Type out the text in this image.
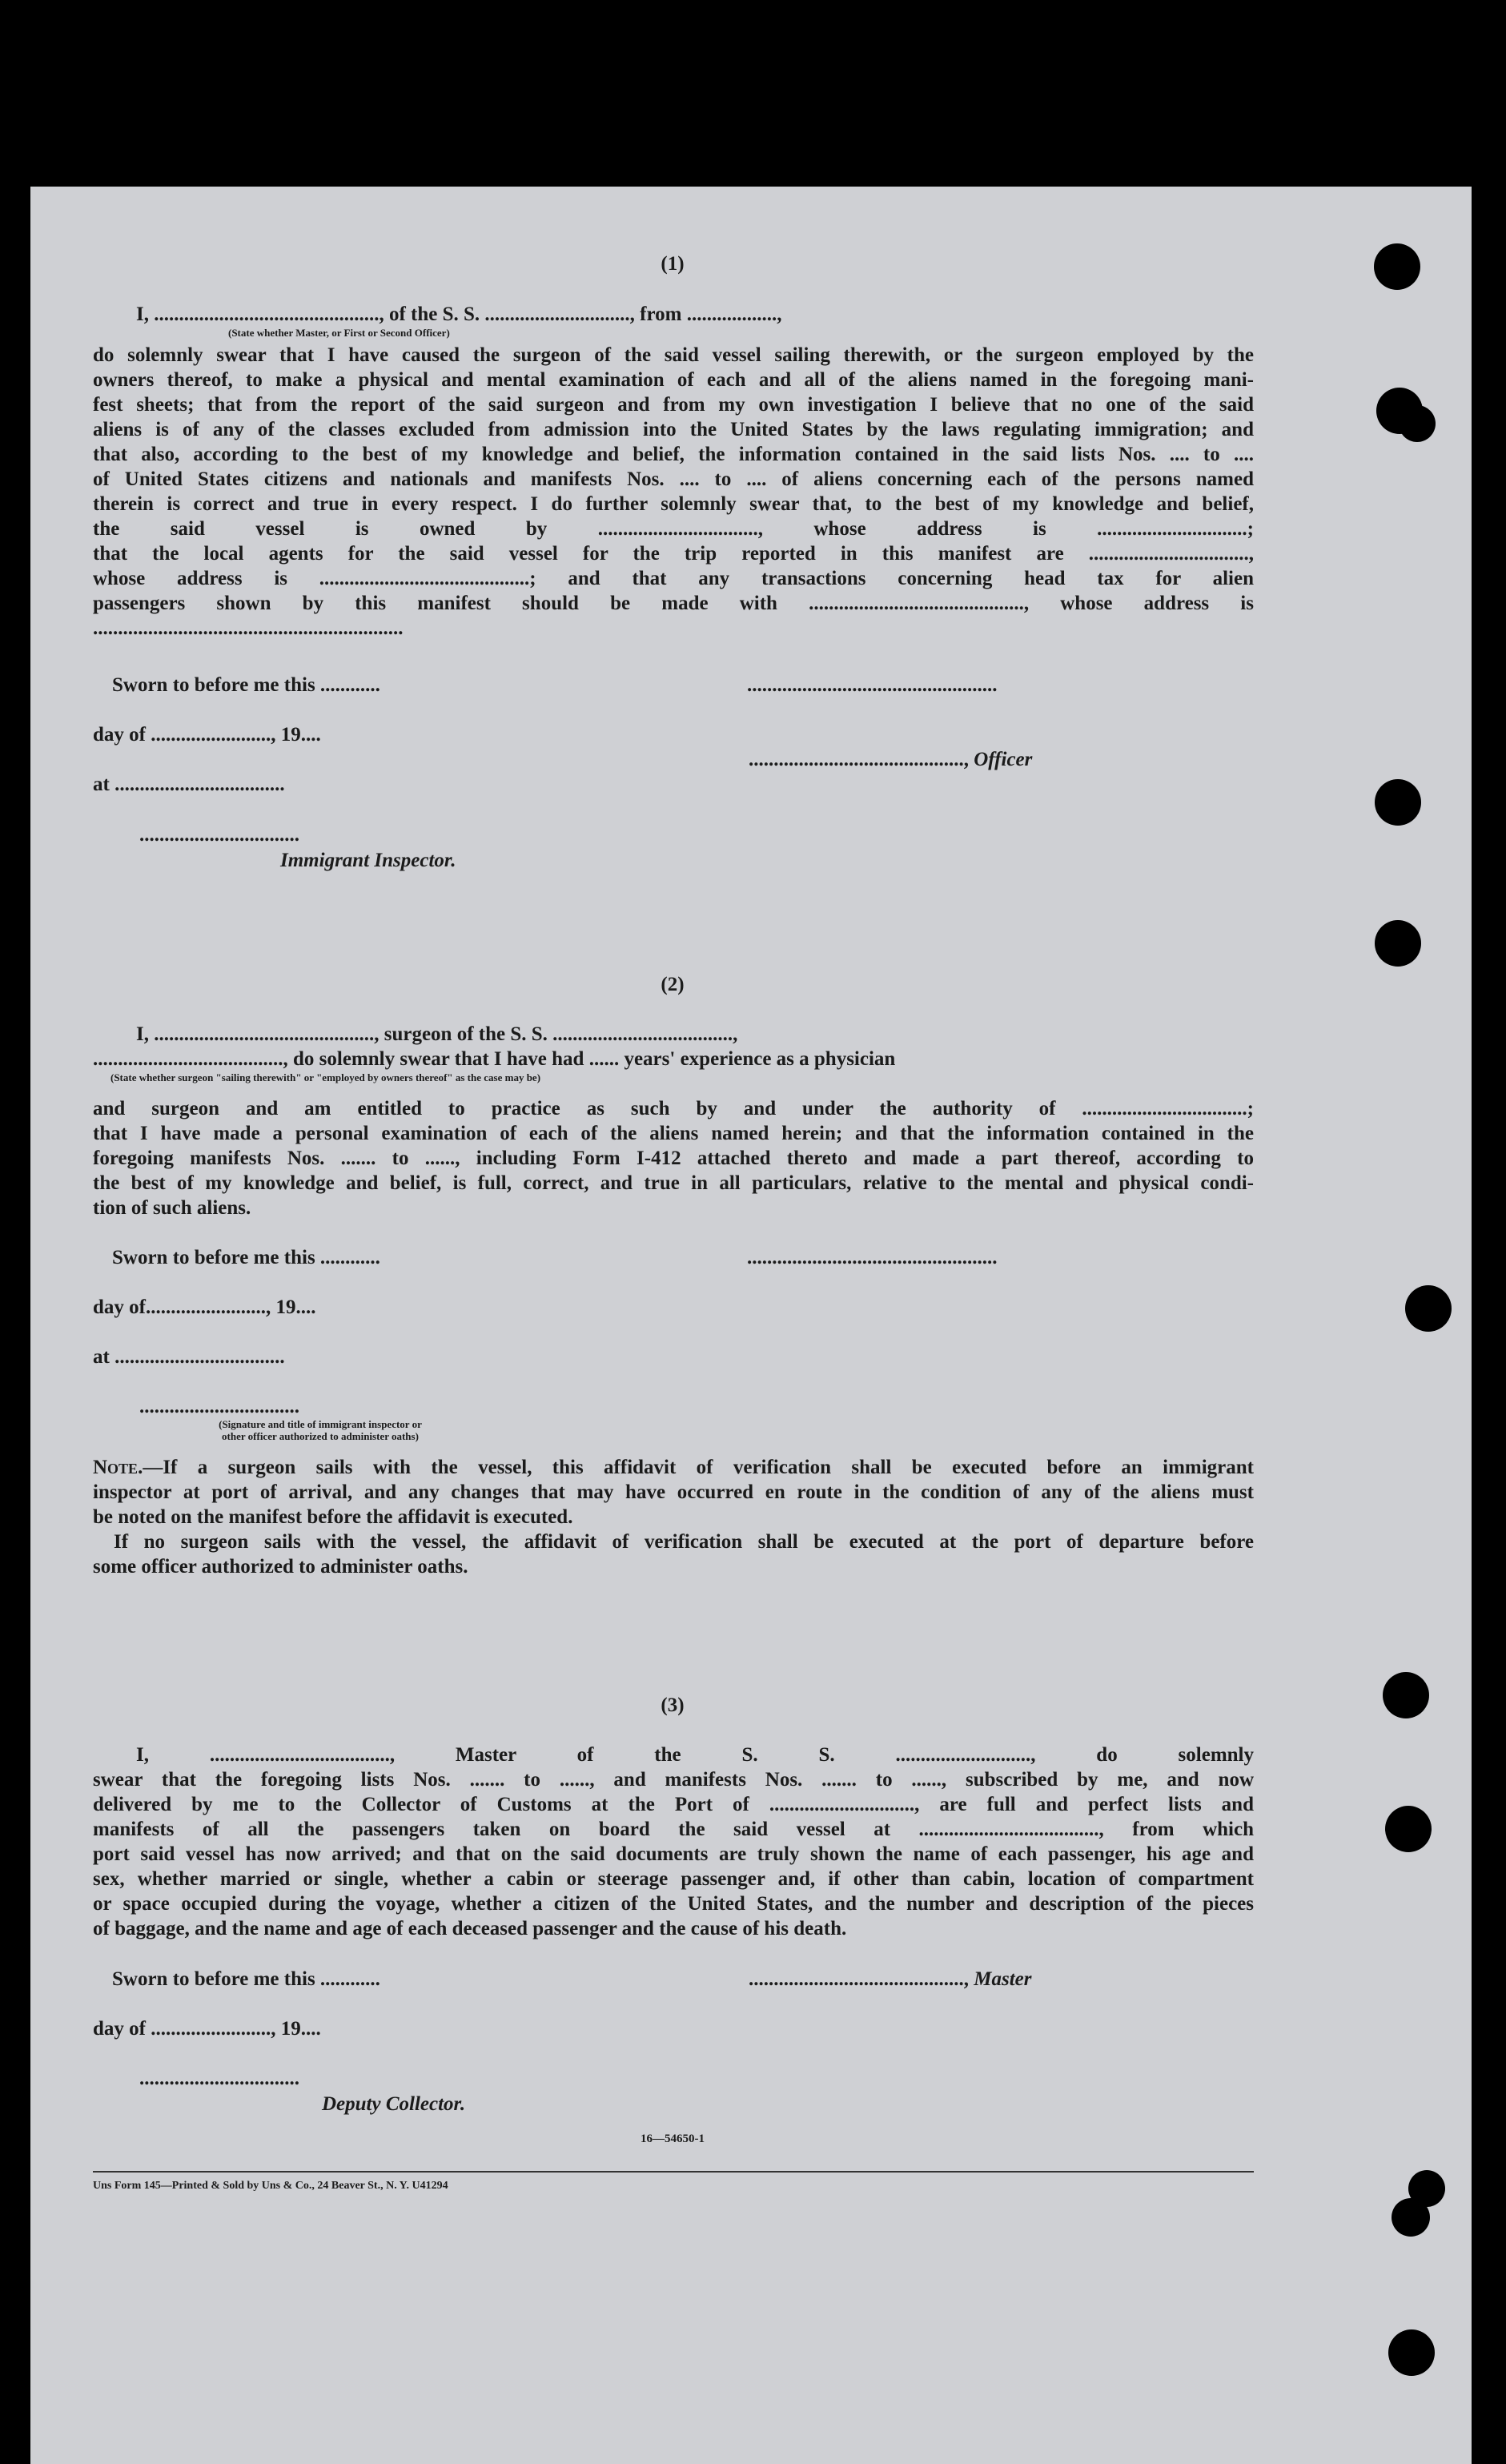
(1)

I, ............................................., of the S. S. ............................., from ..................,

(State whether Master, or First or Second Officer)

do solemnly swear that I have caused the surgeon of the said vessel sailing therewith, or the surgeon employed by the

owners thereof, to make a physical and mental examination of each and all of the aliens named in the foregoing mani-

fest sheets; that from the report of the said surgeon and from my own investigation I believe that no one of the said

aliens is of any of the classes excluded from admission into the United States by the laws regulating immigration; and

that also, according to the best of my knowledge and belief, the information contained in the said lists Nos. .... to ....

of United States citizens and nationals and manifests Nos. .... to .... of aliens concerning each of the persons named

therein is correct and true in every respect. I do further solemnly swear that, to the best of my knowledge and belief,

the said vessel is owned by ................................, whose address is ..............................;

that the local agents for the said vessel for the trip reported in this manifest are ................................,

whose address is ..........................................; and that any transactions concerning head tax for alien

passengers shown by this manifest should be made with ..........................................., whose address is

..............................................................

Sworn to before me this ............	..................................................

day of ........................, 19....

..........................................., Officer

at ..................................

................................

Immigrant Inspector.

(2)

I, ............................................, surgeon of the S. S. ....................................,

......................................, do solemnly swear that I have had ...... years' experience as a physician

(State whether surgeon "sailing therewith" or "employed by owners thereof" as the case may be)

and surgeon and am entitled to practice as such by and under the authority of .................................;

that I have made a personal examination of each of the aliens named herein; and that the information contained in the

foregoing manifests Nos. ....... to ......, including Form I-412 attached thereto and made a part thereof, according to

the best of my knowledge and belief, is full, correct, and true in all particulars, relative to the mental and physical condi-

tion of such aliens.

Sworn to before me this ............	..................................................

day of........................, 19....

at ..................................

................................

(Signature and title of immigrant inspector or

other officer authorized to administer oaths)

Note.—If a surgeon sails with the vessel, this affidavit of verification shall be executed before an immigrant

inspector at port of arrival, and any changes that may have occurred en route in the condition of any of the aliens must

be noted on the manifest before the affidavit is executed.

If no surgeon sails with the vessel, the affidavit of verification shall be executed at the port of departure before

some officer authorized to administer oaths.

(3)

I, ...................................., Master of the S. S. ..........................., do solemnly

swear that the foregoing lists Nos. ....... to ......, and manifests Nos. ....... to ......, subscribed by me, and now

delivered by me to the Collector of Customs at the Port of ............................., are full and perfect lists and

manifests of all the passengers taken on board the said vessel at ...................................., from which

port said vessel has now arrived; and that on the said documents are truly shown the name of each passenger, his age and

sex, whether married or single, whether a cabin or steerage passenger and, if other than cabin, location of compartment

or space occupied during the voyage, whether a citizen of the United States, and the number and description of the pieces

of baggage, and the name and age of each deceased passenger and the cause of his death.

Sworn to before me this ............	..........................................., Master

day of ........................, 19....

................................

Deputy Collector.

16—54650-1

Uns Form 145—Printed & Sold by Uns & Co., 24 Beaver St., N. Y. U41294
